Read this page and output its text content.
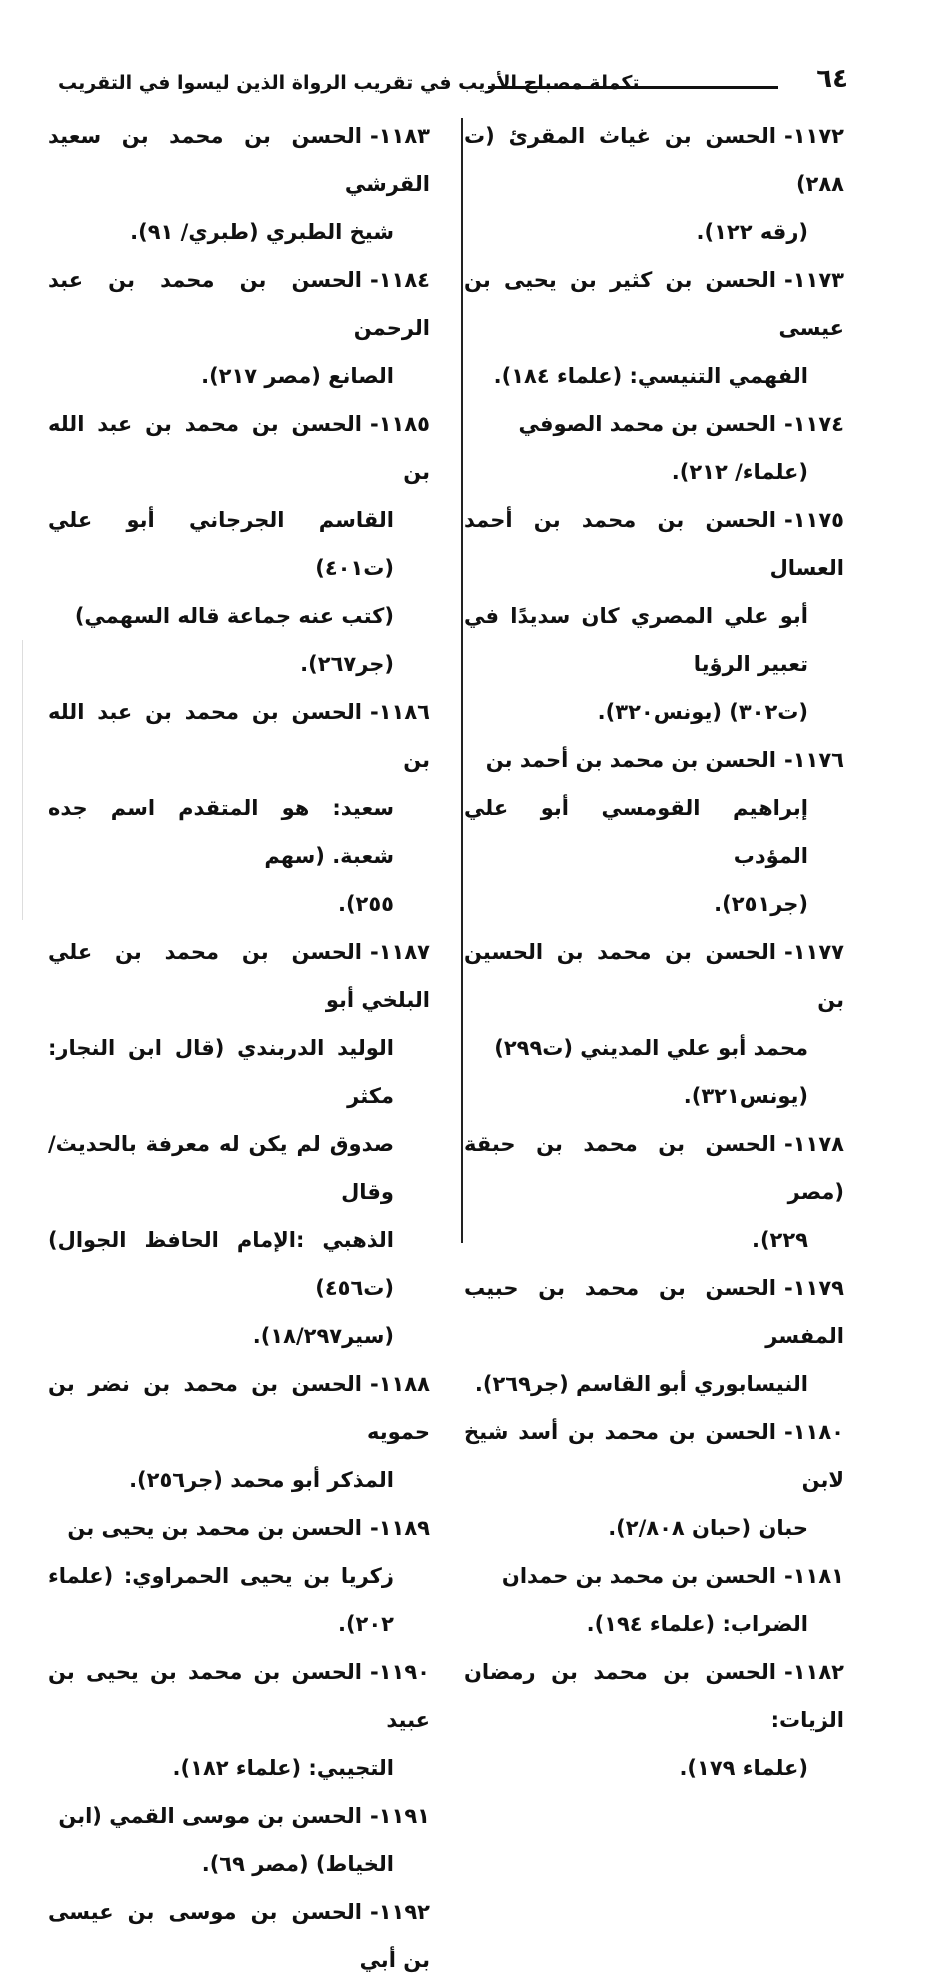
٦٤
تكملة مصباح الأريب في تقريب الرواة الذين ليسوا في التقريب
١١٧٢-الحسن بن غياث المقرئ (ت ٢٨٨)
(رقه ١٢٢).
١١٧٣-الحسن بن كثير بن يحيى بن عيسى
الفهمي التنيسي: (علماء ١٨٤).
١١٧٤-الحسن بن محمد الصوفي
(علماء/ ٢١٢).
١١٧٥-الحسن بن محمد بن أحمد العسال
أبو علي المصري كان سديدًا في تعبير الرؤيا
(ت٣٠٢) (يونس٣٢٠).
١١٧٦-الحسن بن محمد بن أحمد بن
إبراهيم القومسي أبو علي المؤدب
(جر٢٥١).
١١٧٧-الحسن بن محمد بن الحسين بن
محمد أبو علي المديني (ت٢٩٩)
(يونس٣٢١).
١١٧٨-الحسن بن محمد بن حبقة (مصر
٢٢٩).
١١٧٩-الحسن بن محمد بن حبيب المفسر
النيسابوري أبو القاسم (جر٢٦٩).
١١٨٠-الحسن بن محمد بن أسد شيخ لابن
حبان (حبان ٢/٨٠٨).
١١٨١-الحسن بن محمد بن حمدان
الضراب: (علماء ١٩٤).
١١٨٢-الحسن بن محمد بن رمضان الزيات:
(علماء ١٧٩).
١١٨٣-الحسن بن محمد بن سعيد القرشي
شيخ الطبري (طبري/ ٩١).
١١٨٤-الحسن بن محمد بن عبد الرحمن
الصانع (مصر ٢١٧).
١١٨٥-الحسن بن محمد بن عبد الله بن
القاسم الجرجاني أبو علي (ت٤٠١)
(كتب عنه جماعة قاله السهمي)
(جر٢٦٧).
١١٨٦-الحسن بن محمد بن عبد الله بن
سعيد: هو المتقدم اسم جده شعبة. (سهم
٢٥٥).
١١٨٧-الحسن بن محمد بن علي البلخي أبو
الوليد الدربندي (قال ابن النجار: مكثر
صدوق لم يكن له معرفة بالحديث/ وقال
الذهبي :الإمام الحافظ الجوال) (ت٤٥٦)
(سير١٨/٢٩٧).
١١٨٨-الحسن بن محمد بن نضر بن حمويه
المذكر أبو محمد (جر٢٥٦).
١١٨٩-الحسن بن محمد بن يحيى بن
زكريا بن يحيى الحمراوي: (علماء ٢٠٢).
١١٩٠-الحسن بن محمد بن يحيى بن عبيد
التجيبي: (علماء ١٨٢).
١١٩١-الحسن بن موسى القمي (ابن
الخياط) (مصر ٦٩).
١١٩٢-الحسن بن موسى بن عيسى بن أبي
